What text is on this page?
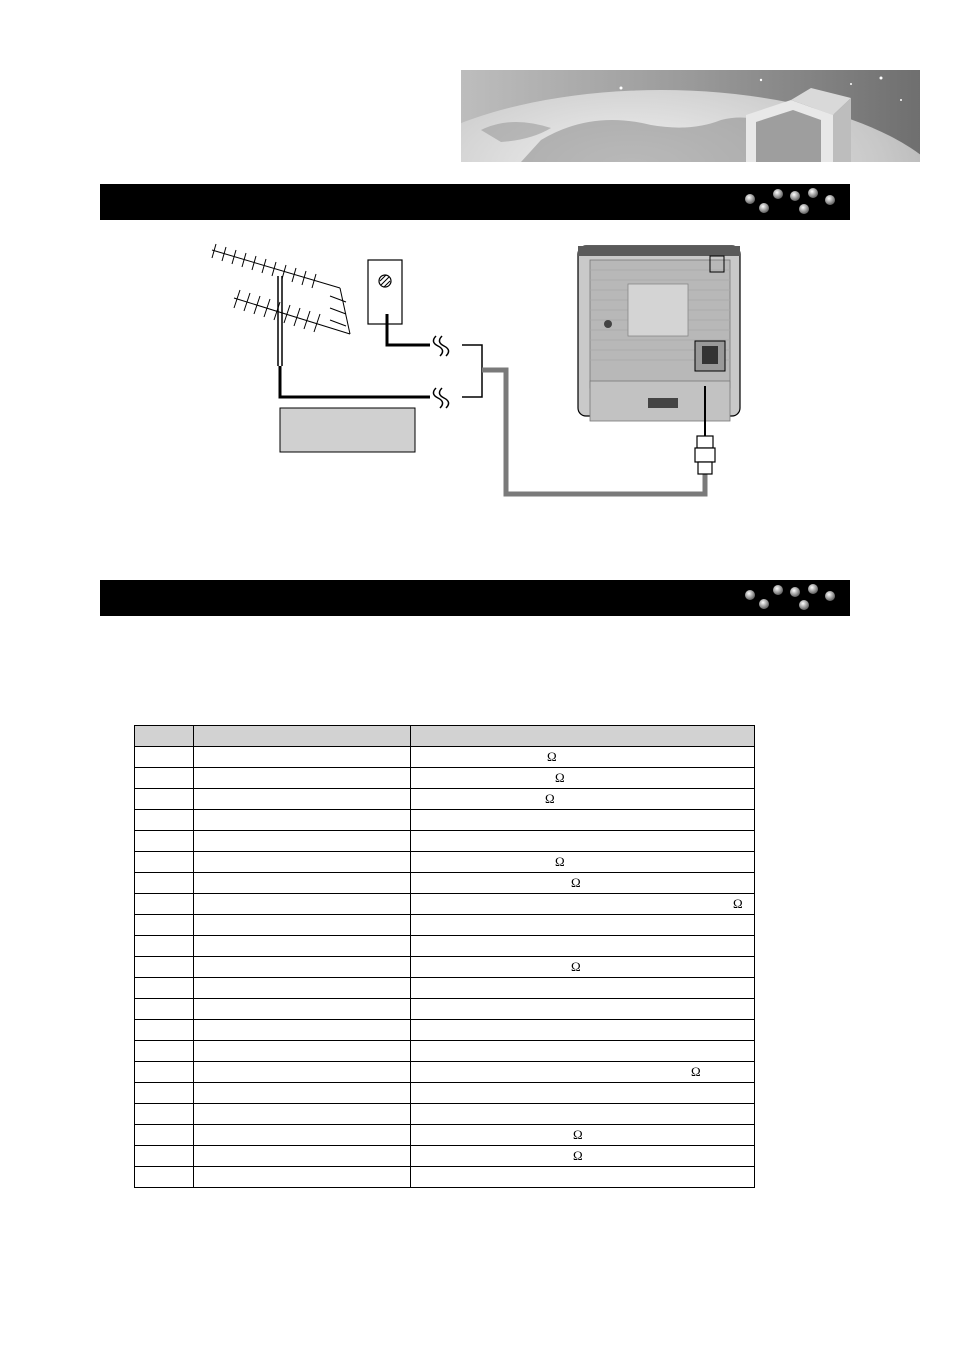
		Ω
		Ω
		Ω

		Ω
		Ω
		Ω

		Ω

		Ω

		Ω
		Ω
